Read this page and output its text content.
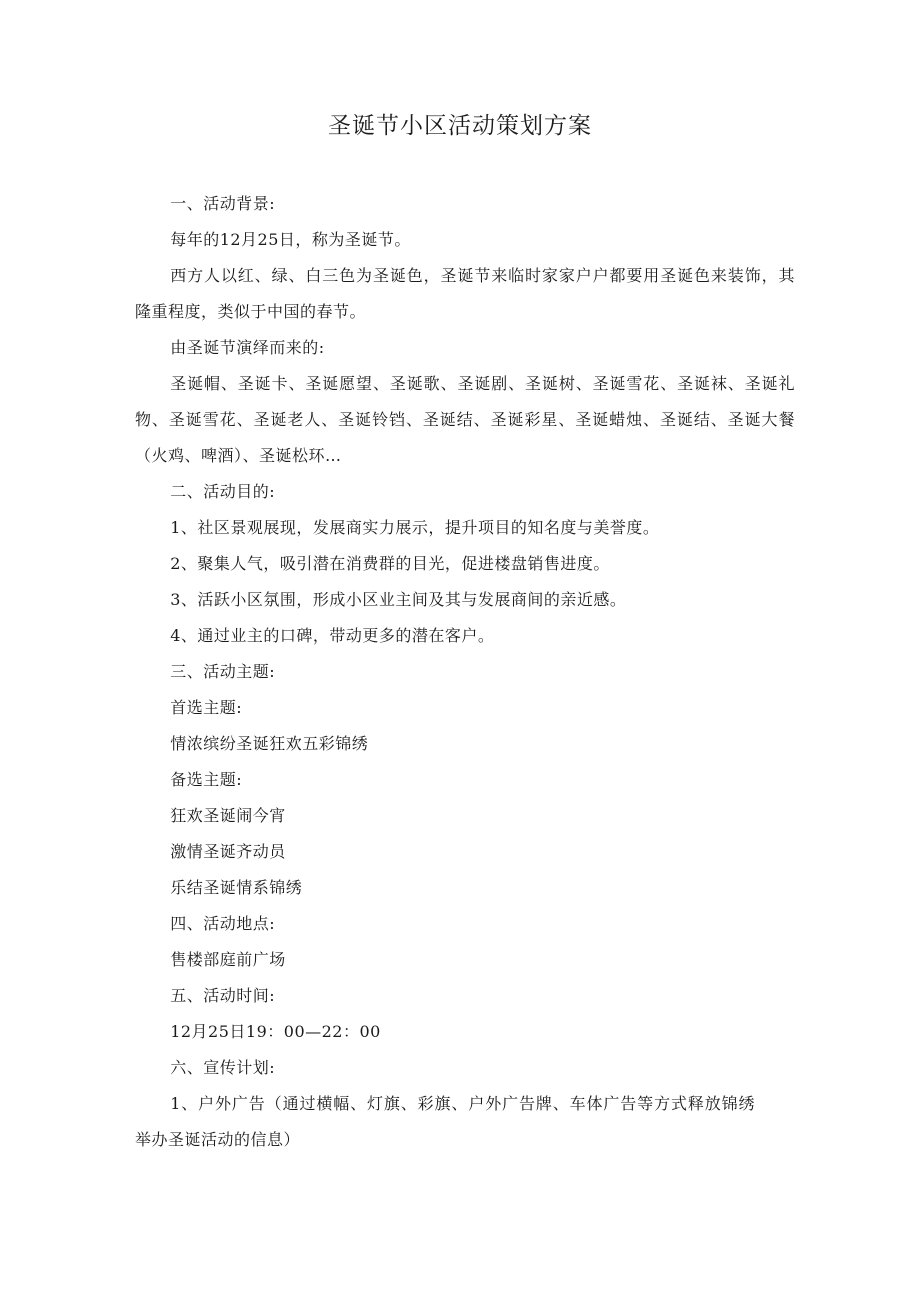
圣诞节小区活动策划方案

一、活动背景:

每年的12月25日，称为圣诞节。

西方人以红、绿、白三色为圣诞色，圣诞节来临时家家户户都要用圣诞色来装饰，其隆重程度，类似于中国的春节。

由圣诞节演绎而来的:

圣诞帽、圣诞卡、圣诞愿望、圣诞歌、圣诞剧、圣诞树、圣诞雪花、圣诞袜、圣诞礼物、圣诞雪花、圣诞老人、圣诞铃铛、圣诞结、圣诞彩星、圣诞蜡烛、圣诞结、圣诞大餐（火鸡、啤酒）、圣诞松环…

二、活动目的:

1、社区景观展现，发展商实力展示，提升项目的知名度与美誉度。

2、聚集人气，吸引潜在消费群的目光，促进楼盘销售进度。

3、活跃小区氛围，形成小区业主间及其与发展商间的亲近感。

4、通过业主的口碑，带动更多的潜在客户。

三、活动主题:

首选主题:

情浓缤纷圣诞狂欢五彩锦绣

备选主题:

狂欢圣诞闹今宵

激情圣诞齐动员

乐结圣诞情系锦绣

四、活动地点:

售楼部庭前广场

五、活动时间:

12月25日19：00—22：00

六、宣传计划:

1、户外广告（通过横幅、灯旗、彩旗、户外广告牌、车体广告等方式释放锦绣举办圣诞活动的信息）
